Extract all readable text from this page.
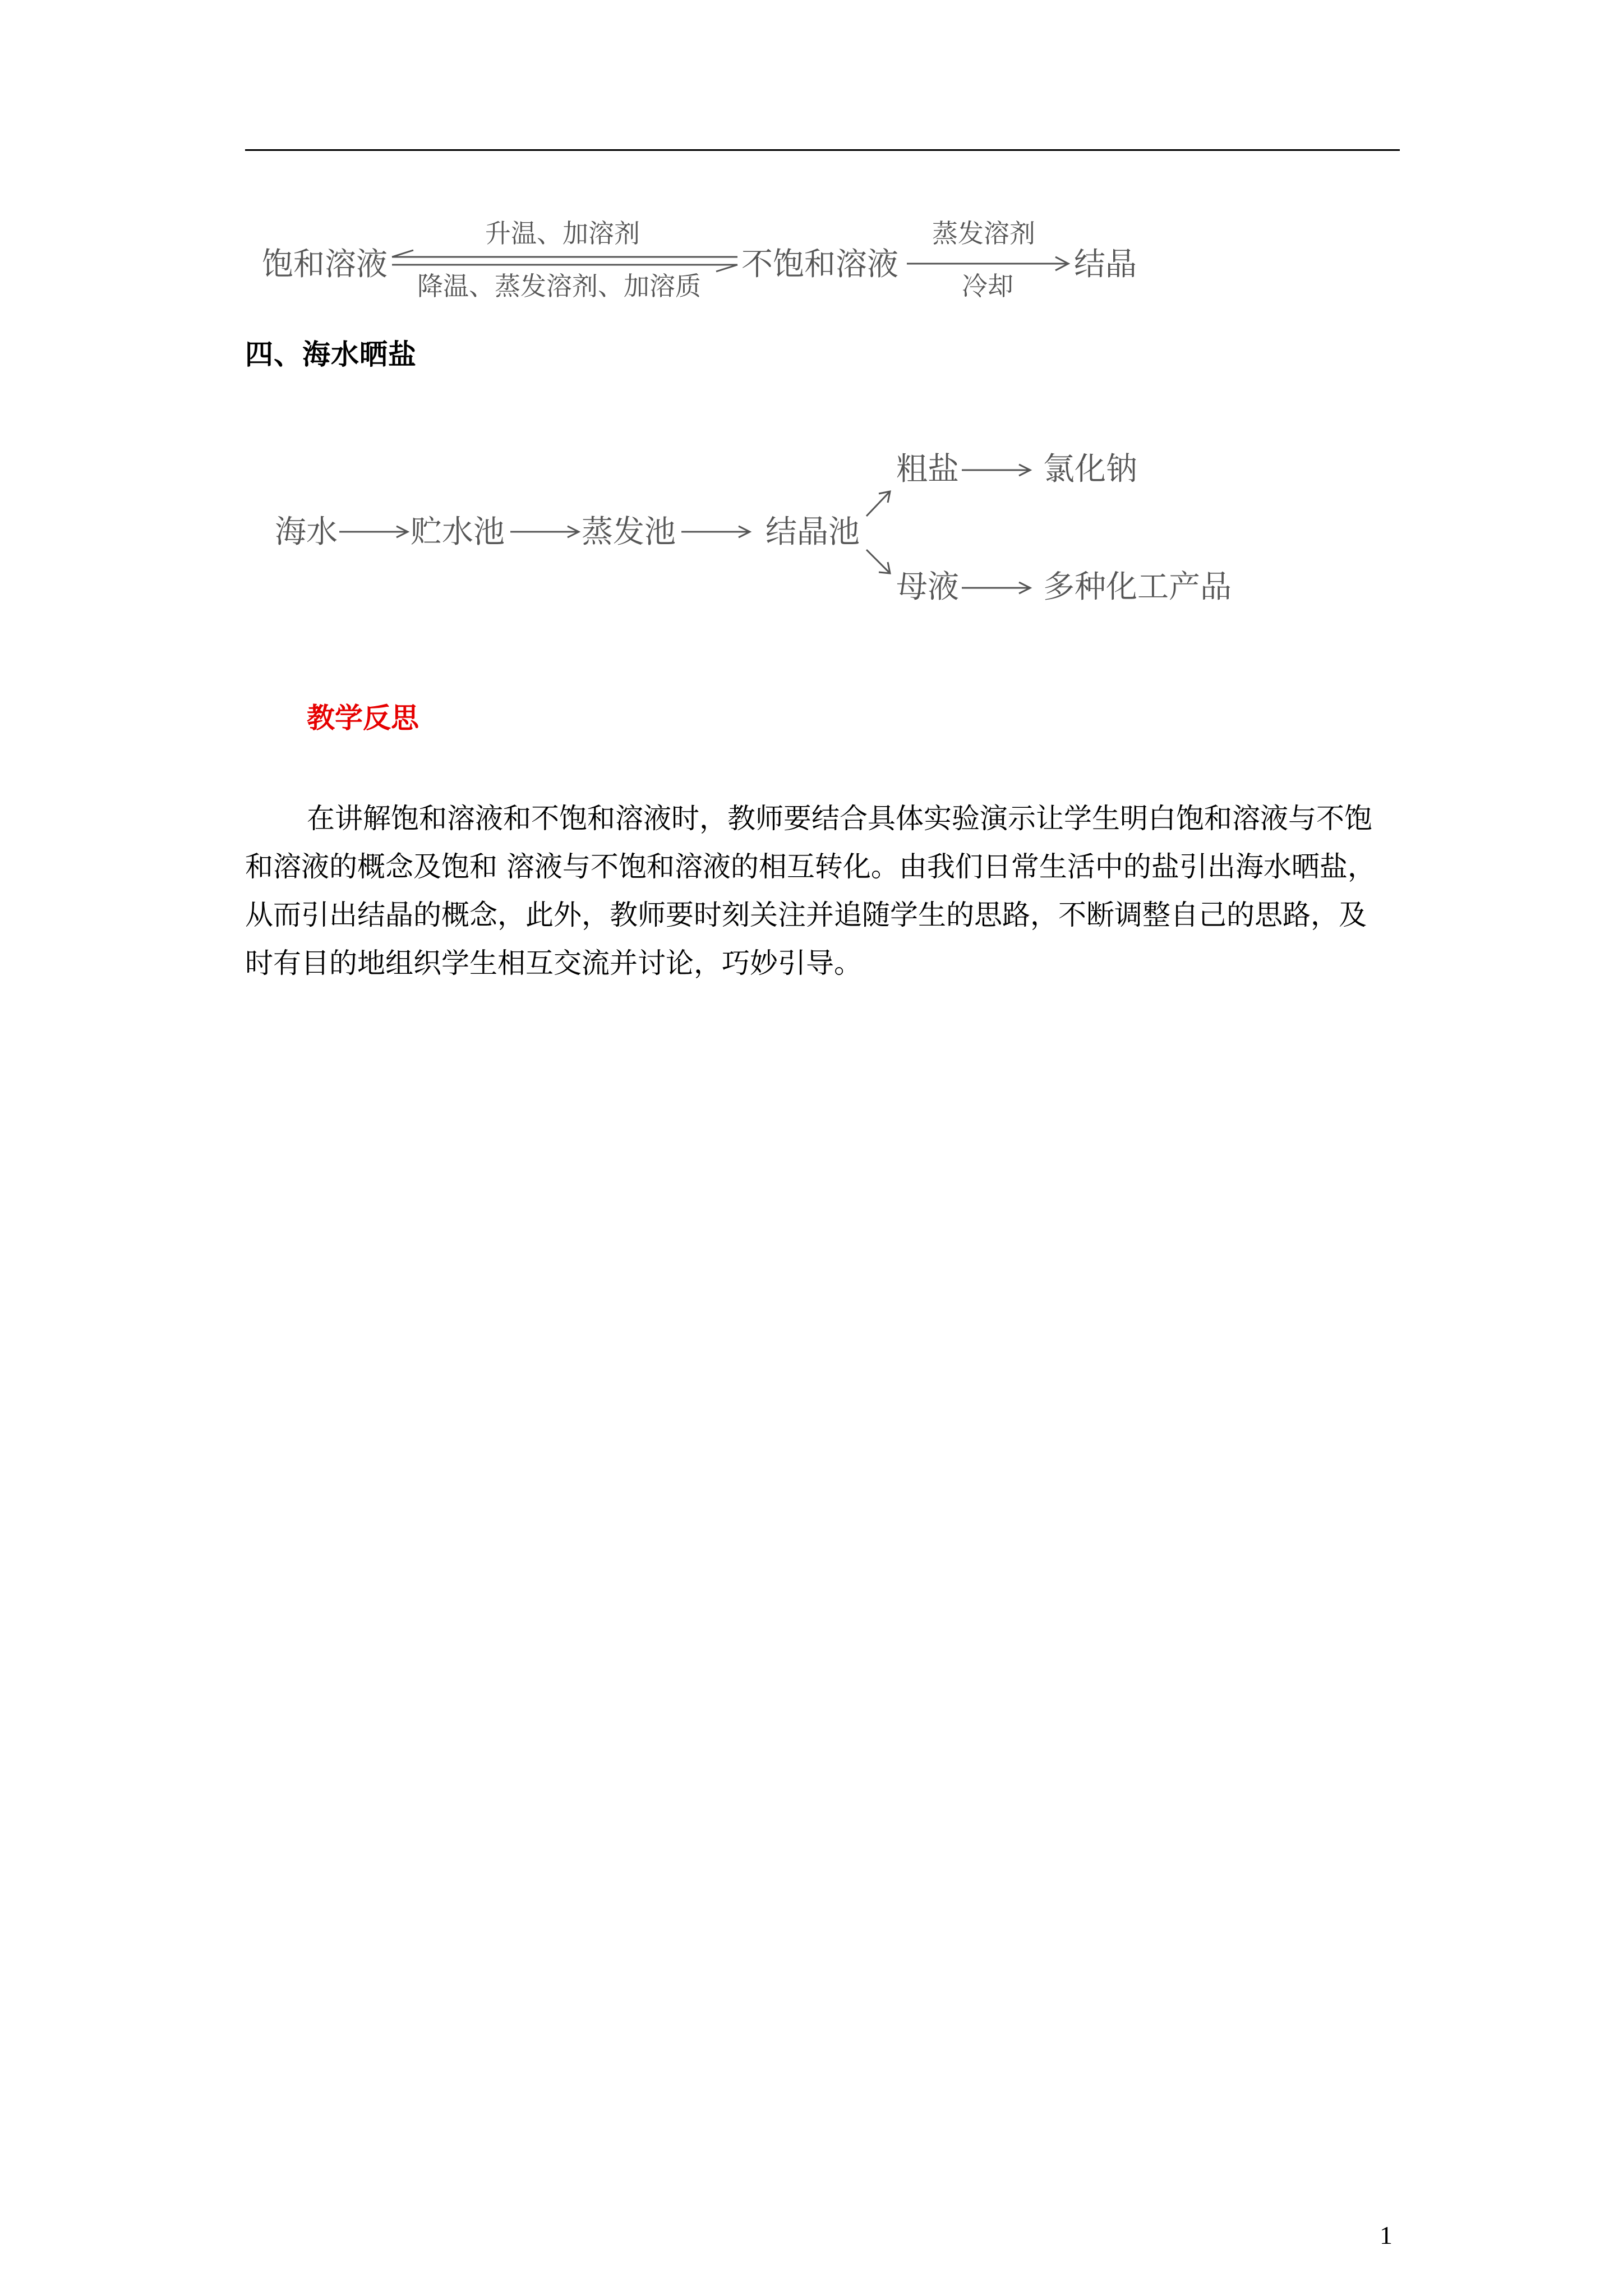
饱和溶液
升温、加溶剂
降温、蒸发溶剂、加溶质
不饱和溶液
蒸发溶剂
冷却
结晶
四、海水晒盐
海水 贮水池 蒸发池	结晶池
粗盐	氯化钠
母液	多种化工产品
教学反思
在讲解饱和溶液和不饱和溶液时，教师要结合具体实验演示让学生明白饱和溶液与不饱
和溶液的概念及饱和 溶液与不饱和溶液的相互转化。由我们日常生活中的盐引出海水晒盐，
从而引出结晶的概念，此外，教师要时刻关注并追随学生的思路，不断调整自己的思路，及
时有目的地组织学生相互交流并讨论，巧妙引导。
1
